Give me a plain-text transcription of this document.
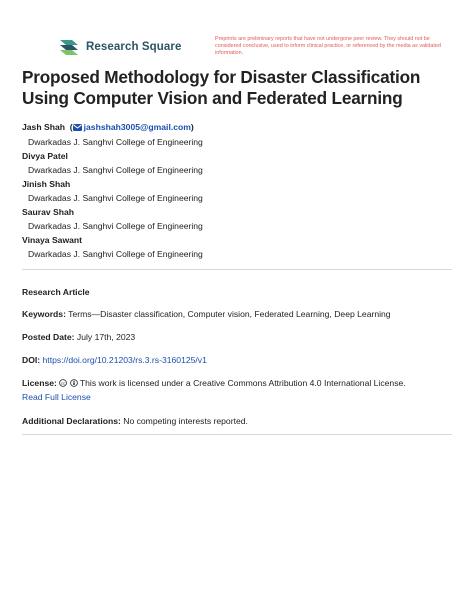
Research Square
Preprints are preliminary reports that have not undergone peer review. They should not be considered conclusive, used to inform clinical practice, or referenced by the media as validated information.
Proposed Methodology for Disaster Classification Using Computer Vision and Federated Learning
Jash Shah  ( jashshah3005@gmail.com)
Dwarkadas J. Sanghvi College of Engineering
Divya Patel
Dwarkadas J. Sanghvi College of Engineering
Jinish Shah
Dwarkadas J. Sanghvi College of Engineering
Saurav Shah
Dwarkadas J. Sanghvi College of Engineering
Vinaya Sawant
Dwarkadas J. Sanghvi College of Engineering
Research Article
Keywords: Terms—Disaster classification, Computer vision, Federated Learning, Deep Learning
Posted Date: July 17th, 2023
DOI: https://doi.org/10.21203/rs.3.rs-3160125/v1
License: cc This work is licensed under a Creative Commons Attribution 4.0 International License.
Read Full License
Additional Declarations: No competing interests reported.
